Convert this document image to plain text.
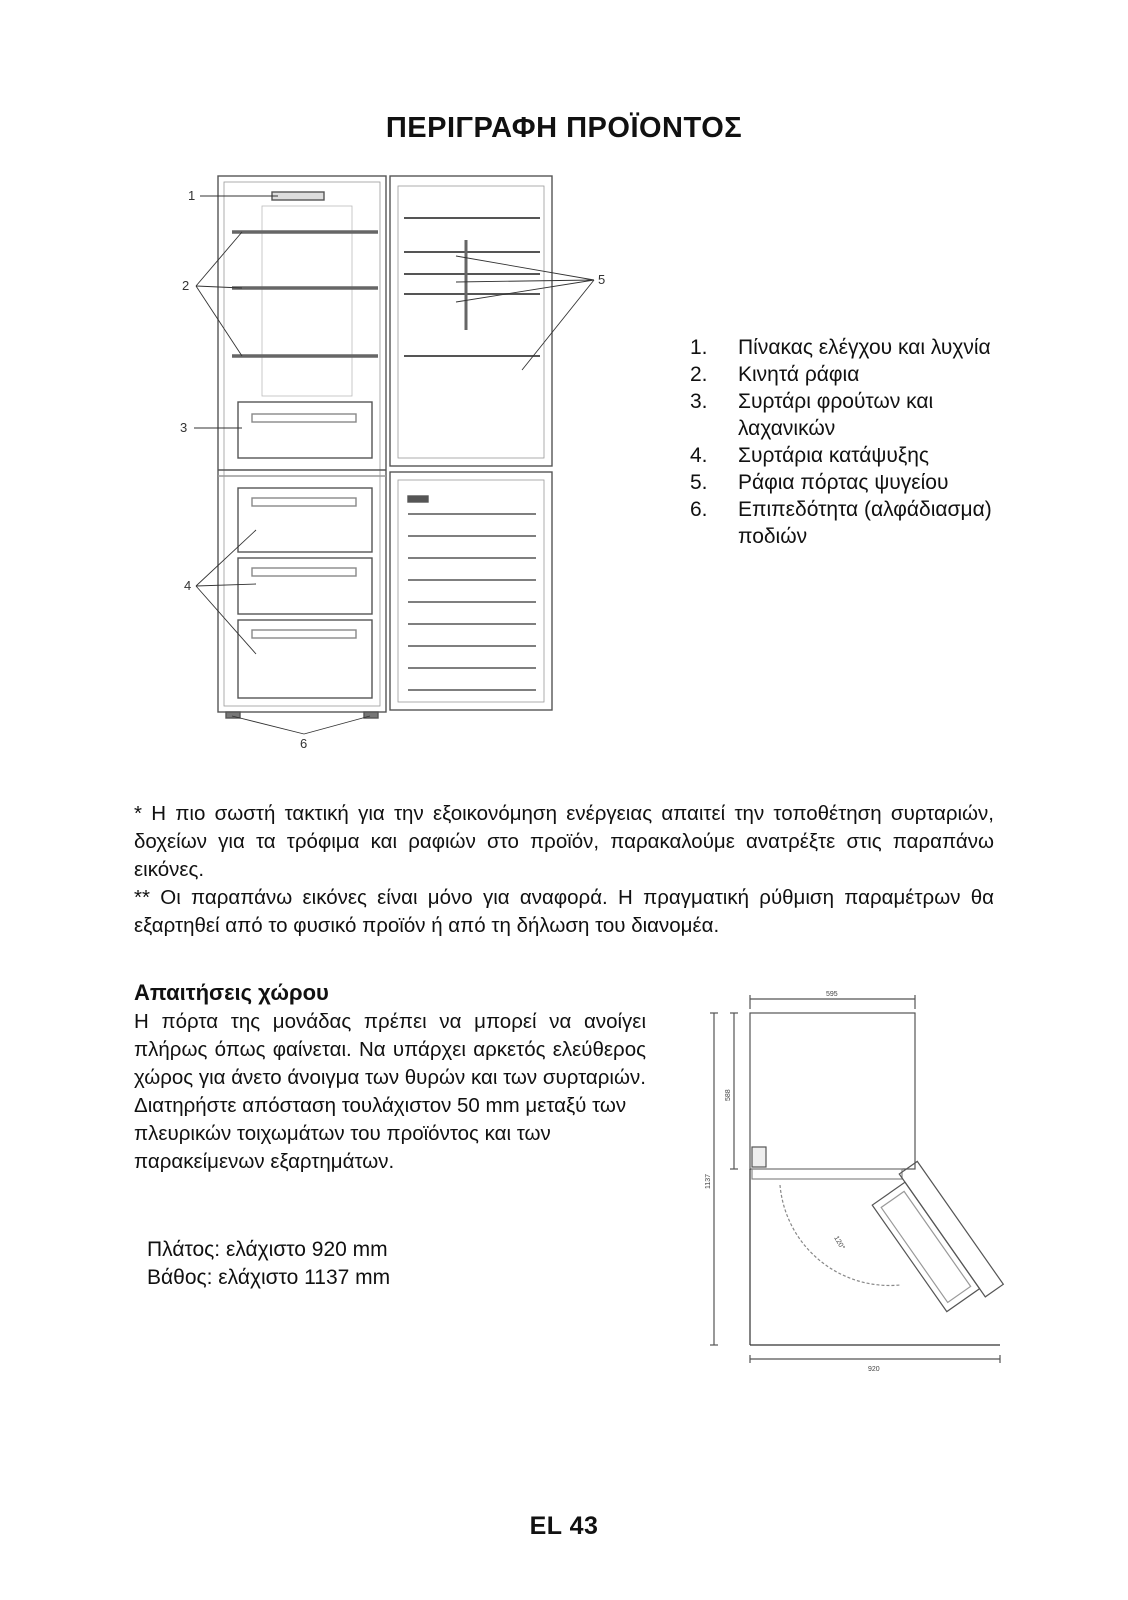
ΠΕΡΙΓΡΑΦΗ ΠΡΟΪΟΝΤΟΣ
1
2
3
4
5
6
1.	Πίνακας ελέγχου και λυχνία
2.	Κινητά ράφια
3.	Συρτάρι φρούτων και λαχανικών
4.	Συρτάρια κατάψυξης
5.	Ράφια πόρτας ψυγείου
6.	Επιπεδότητα (αλφάδιασμα) ποδιών

* Η πιο σωστή τακτική για την εξοικονόμηση ενέργειας απαιτεί την τοποθέτηση συρταριών, δοχείων για τα τρόφιμα και ραφιών στο προϊόν, παρακαλούμε ανατρέξτε στις παραπάνω εικόνες.

** Οι παραπάνω εικόνες είναι μόνο για αναφορά. Η πραγματική ρύθμιση παραμέτρων θα εξαρτηθεί από το φυσικό προϊόν ή από τη δήλωση του διανομέα.

Απαιτήσεις χώρου

Η πόρτα της μονάδας πρέπει να μπορεί να ανοίγει πλήρως όπως φαίνεται. Να υπάρχει αρκετός ελεύθερος χώρος για άνετο άνοιγμα των θυρών και των συρταριών.

Διατηρήστε απόσταση τουλάχιστον 50 mm μεταξύ των πλευρικών τοιχωμάτων του προϊόντος και των παρακείμενων εξαρτημάτων.

Πλάτος: ελάχιστο 920 mm

Βάθος: ελάχιστο 1137 mm

595
588
1137
920
120°
EL 43
